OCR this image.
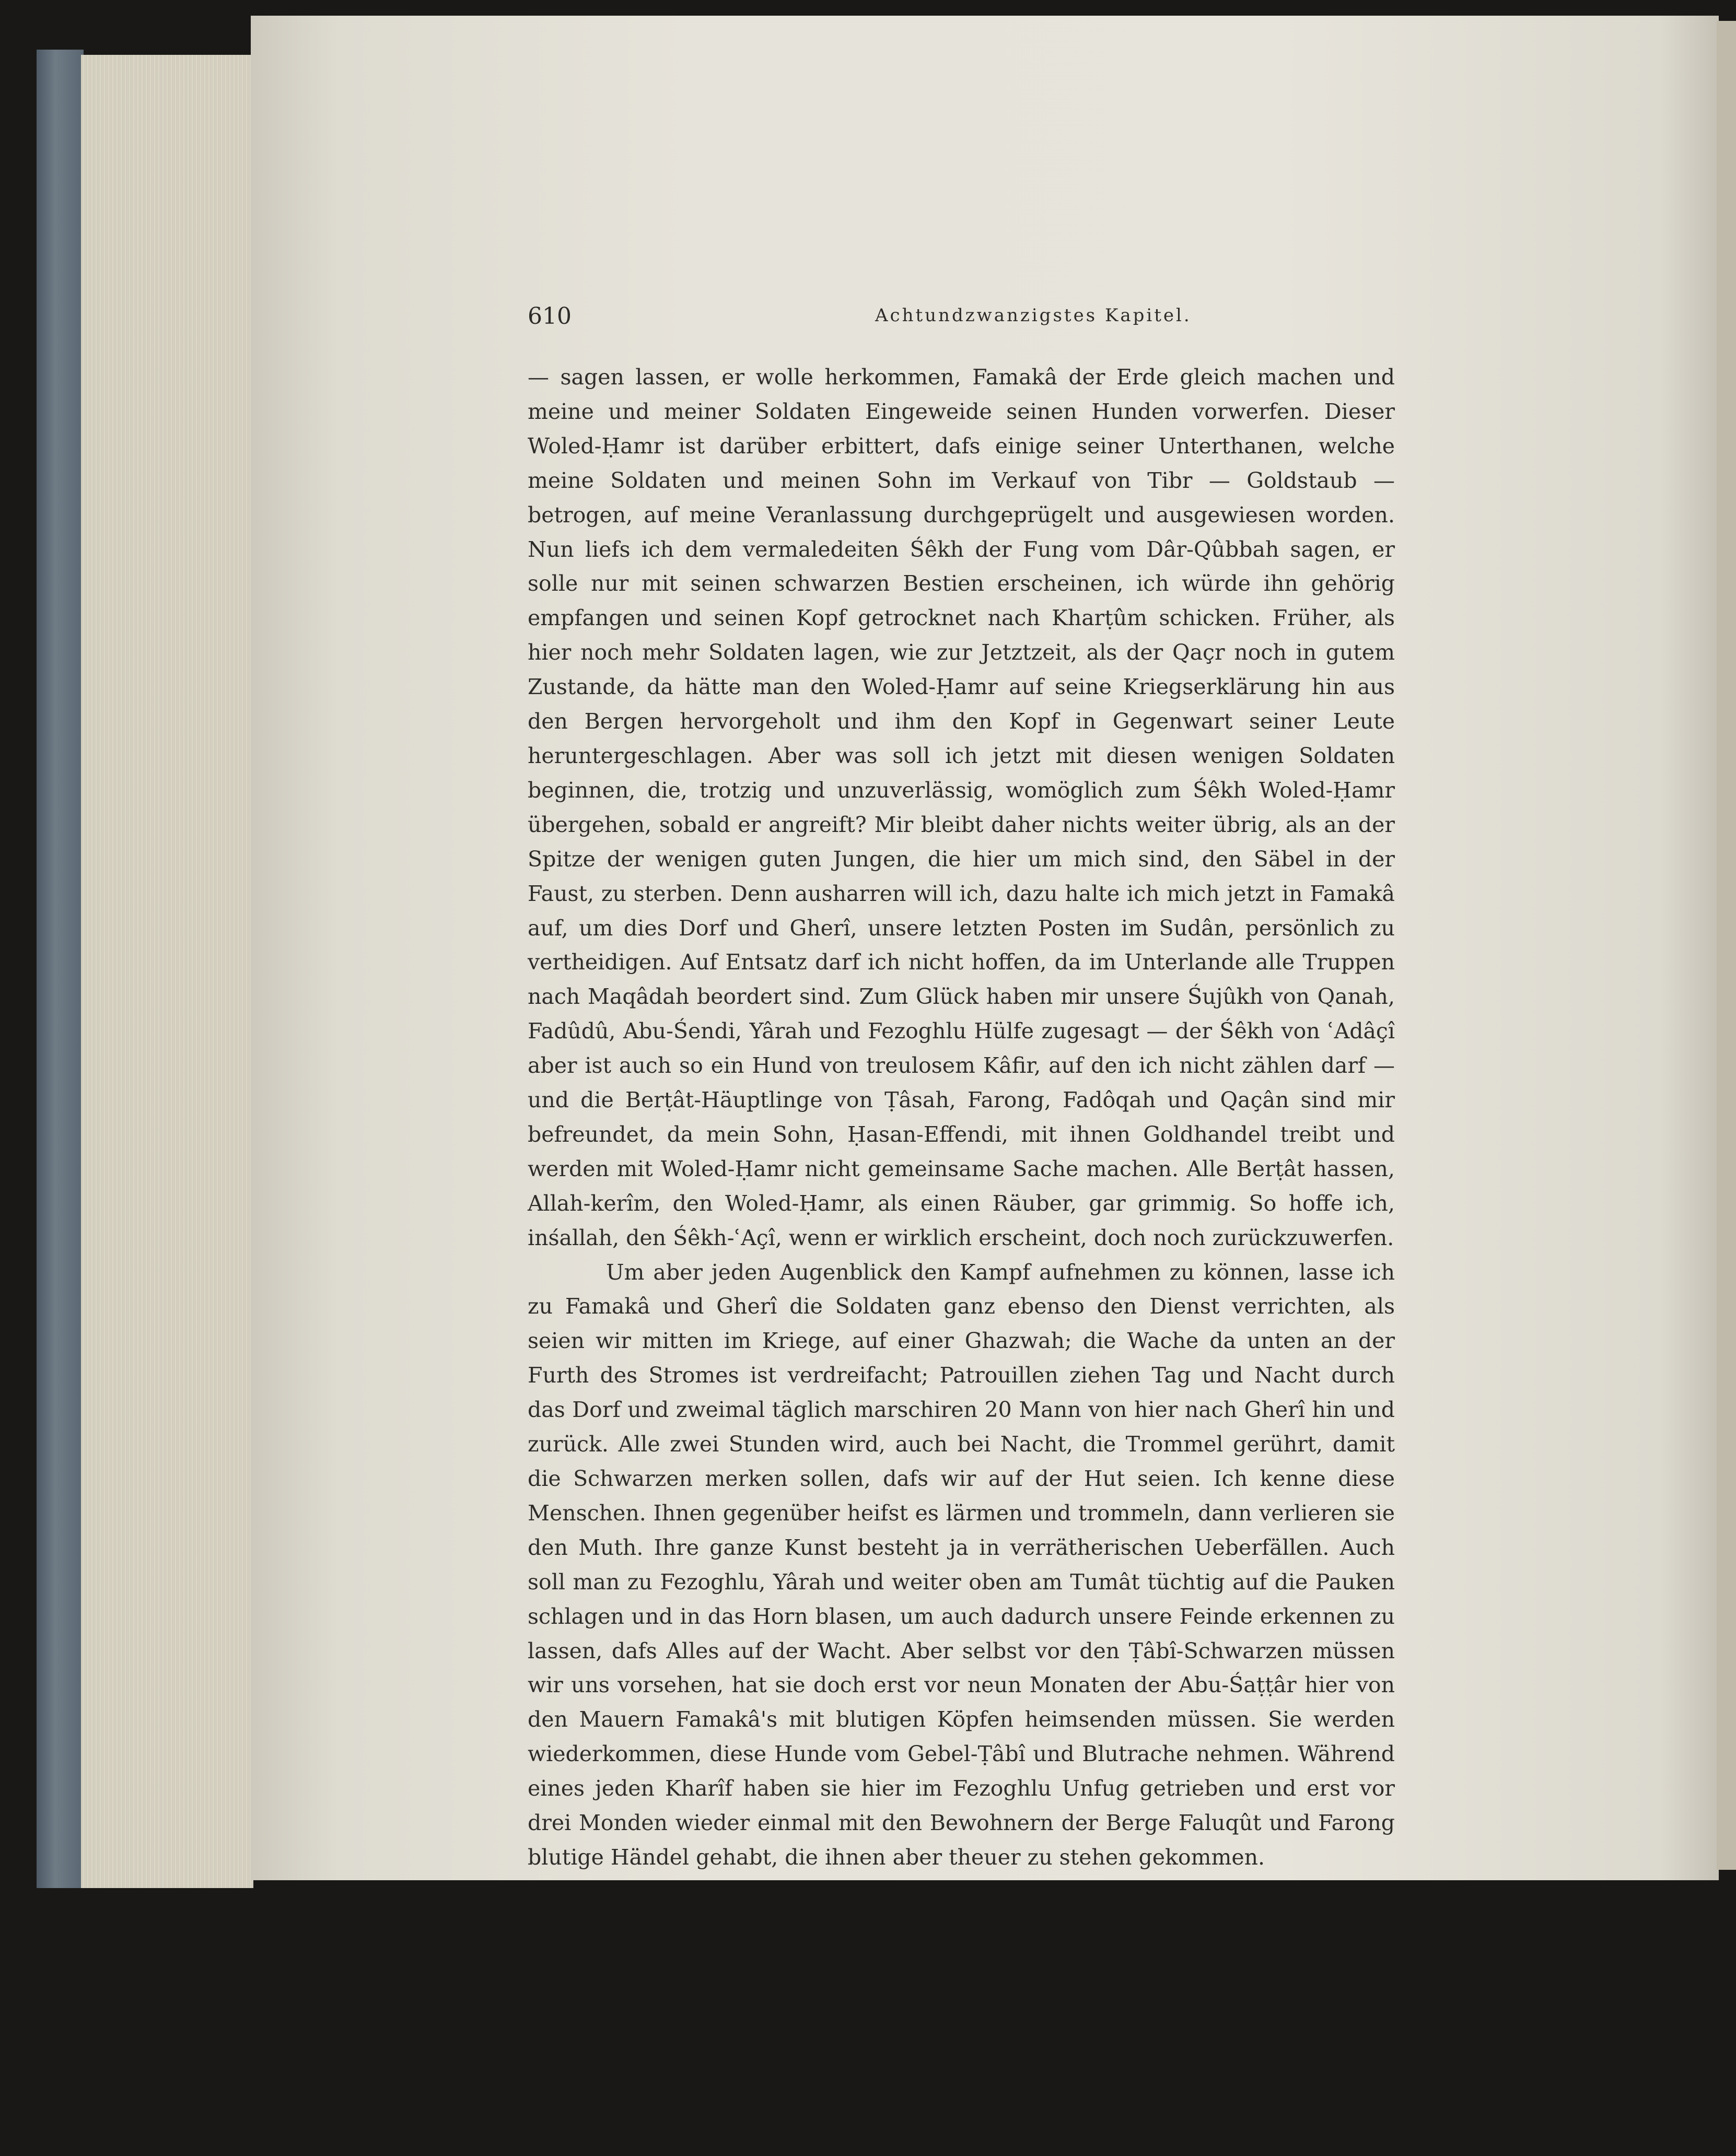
610	Achtundzwanzigstes Kapitel.

— sagen lassen, er wolle herkommen, Famakâ der Erde gleich machen und meine und meiner Soldaten Eingeweide seinen Hunden vorwerfen. Dieser Woled-Ḥamr ist darüber erbittert, dafs einige seiner Unterthanen, welche meine Soldaten und meinen Sohn im Verkauf von Tibr — Goldstaub — betrogen, auf meine Veranlassung durchgeprügelt und ausgewiesen worden. Nun liefs ich dem vermaledeiten Śêkh der Fung vom Dâr-Qûbbah sagen, er solle nur mit seinen schwarzen Bestien erscheinen, ich würde ihn gehörig empfangen und seinen Kopf getrocknet nach Kharṭûm schicken. Früher, als hier noch mehr Soldaten lagen, wie zur Jetztzeit, als der Qaçr noch in gutem Zustande, da hätte man den Woled-Ḥamr auf seine Kriegserklärung hin aus den Bergen hervorgeholt und ihm den Kopf in Gegenwart seiner Leute heruntergeschlagen. Aber was soll ich jetzt mit diesen wenigen Soldaten beginnen, die, trotzig und unzuverlässig, womöglich zum Śêkh Woled-Ḥamr übergehen, sobald er angreift? Mir bleibt daher nichts weiter übrig, als an der Spitze der wenigen guten Jungen, die hier um mich sind, den Säbel in der Faust, zu sterben. Denn ausharren will ich, dazu halte ich mich jetzt in Famakâ auf, um dies Dorf und Gherî, unsere letzten Posten im Sudân, persönlich zu vertheidigen. Auf Entsatz darf ich nicht hoffen, da im Unterlande alle Truppen nach Maqâdah beordert sind. Zum Glück haben mir unsere Śujûkh von Qanah, Fadûdû, Abu-Śendi, Yârah und Fezoghlu Hülfe zugesagt — der Śêkh von ʿAdâçî aber ist auch so ein Hund von treulosem Kâfir, auf den ich nicht zählen darf — und die Berṭât-Häuptlinge von Ṭâsah, Farong, Fadôqah und Qaçân sind mir befreundet, da mein Sohn, Ḥasan-Effendi, mit ihnen Goldhandel treibt und werden mit Woled-Ḥamr nicht gemeinsame Sache machen. Alle Berṭât hassen, Allah-kerîm, den Woled-Ḥamr, als einen Räuber, gar grimmig. So hoffe ich, inśallah, den Śêkh-ʿAçî, wenn er wirklich erscheint, doch noch zurückzuwerfen.

Um aber jeden Augenblick den Kampf aufnehmen zu können, lasse ich zu Famakâ und Gherî die Soldaten ganz ebenso den Dienst verrichten, als seien wir mitten im Kriege, auf einer Ghazwah; die Wache da unten an der Furth des Stromes ist verdreifacht; Patrouillen ziehen Tag und Nacht durch das Dorf und zweimal täglich marschiren 20 Mann von hier nach Gherî hin und zurück. Alle zwei Stunden wird, auch bei Nacht, die Trommel gerührt, damit die Schwarzen merken sollen, dafs wir auf der Hut seien. Ich kenne diese Menschen. Ihnen gegenüber heifst es lärmen und trommeln, dann verlieren sie den Muth. Ihre ganze Kunst besteht ja in verrätherischen Ueberfällen. Auch soll man zu Fezoghlu, Yârah und weiter oben am Tumât tüchtig auf die Pauken schlagen und in das Horn blasen, um auch dadurch unsere Feinde erkennen zu lassen, dafs Alles auf der Wacht. Aber selbst vor den Ṭâbî-Schwarzen müssen wir uns vorsehen, hat sie doch erst vor neun Monaten der Abu-Śaṭṭâr hier von den Mauern Famakâ's mit blutigen Köpfen heimsenden müssen. Sie werden wiederkommen, diese Hunde vom Gebel-Ṭâbî und Blutrache nehmen. Während eines jeden Kharîf haben sie hier im Fezoghlu Unfug getrieben und erst vor drei Monden wieder einmal mit den Bewohnern der Berge Faluqût und Farong blutige Händel gehabt, die ihnen aber theuer zu stehen gekommen.
